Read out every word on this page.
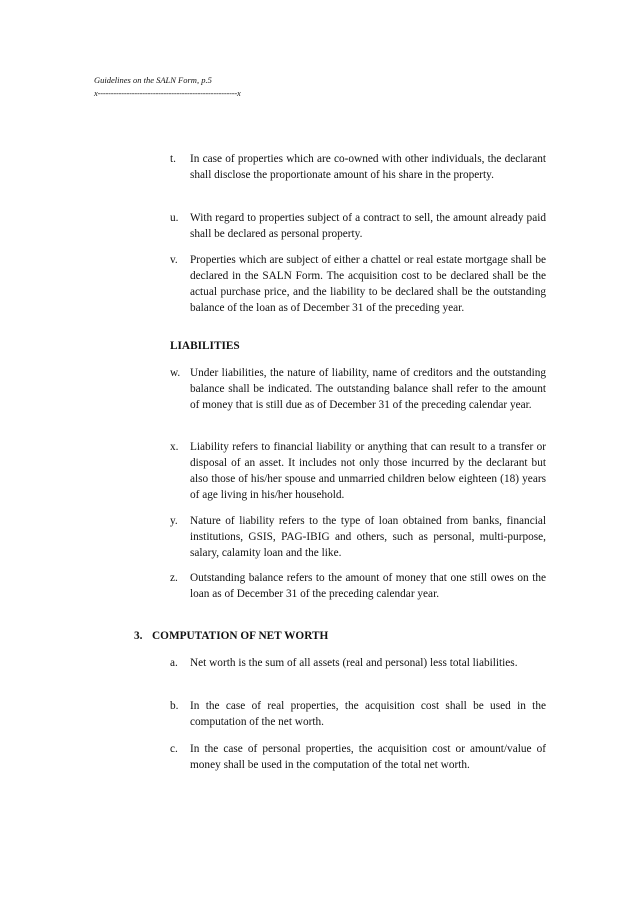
Guidelines on the SALN Form, p.5
x-----------------------------------------------------x
t. In case of properties which are co-owned with other individuals, the declarant shall disclose the proportionate amount of his share in the property.
u. With regard to properties subject of a contract to sell, the amount already paid shall be declared as personal property.
v. Properties which are subject of either a chattel or real estate mortgage shall be declared in the SALN Form. The acquisition cost to be declared shall be the actual purchase price, and the liability to be declared shall be the outstanding balance of the loan as of December 31 of the preceding year.
LIABILITIES
w. Under liabilities, the nature of liability, name of creditors and the outstanding balance shall be indicated. The outstanding balance shall refer to the amount of money that is still due as of December 31 of the preceding calendar year.
x. Liability refers to financial liability or anything that can result to a transfer or disposal of an asset. It includes not only those incurred by the declarant but also those of his/her spouse and unmarried children below eighteen (18) years of age living in his/her household.
y. Nature of liability refers to the type of loan obtained from banks, financial institutions, GSIS, PAG-IBIG and others, such as personal, multi-purpose, salary, calamity loan and the like.
z. Outstanding balance refers to the amount of money that one still owes on the loan as of December 31 of the preceding calendar year.
3. COMPUTATION OF NET WORTH
a. Net worth is the sum of all assets (real and personal) less total liabilities.
b. In the case of real properties, the acquisition cost shall be used in the computation of the net worth.
c. In the case of personal properties, the acquisition cost or amount/value of money shall be used in the computation of the total net worth.
